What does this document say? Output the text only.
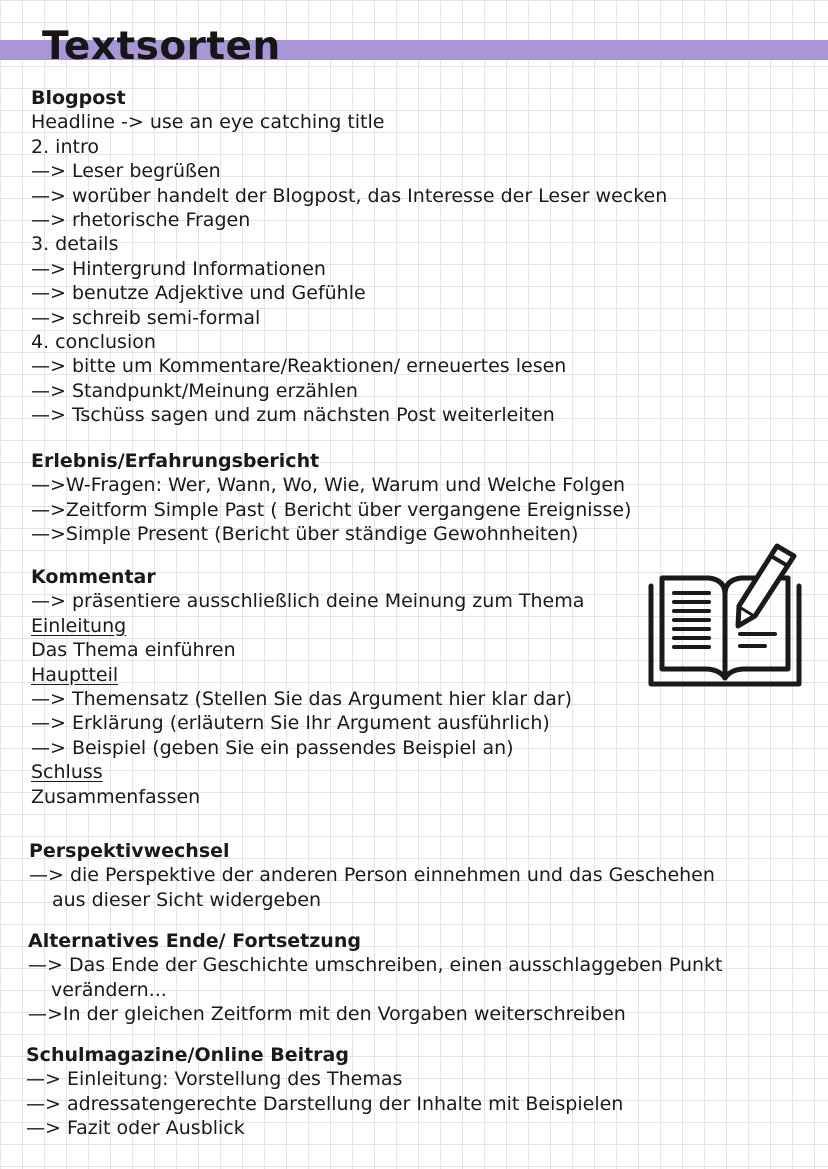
Textsorten
Blogpost
Headline -> use an eye catching title
2. intro
—> Leser begrüßen
—> worüber handelt der Blogpost, das Interesse der Leser wecken
—> rhetorische Fragen
3. details
—> Hintergrund Informationen
—> benutze Adjektive und Gefühle
—> schreib semi-formal
4. conclusion
—> bitte um Kommentare/Reaktionen/ erneuertes lesen
—> Standpunkt/Meinung erzählen
—> Tschüss sagen und zum nächsten Post weiterleiten
Erlebnis/Erfahrungsbericht
—>W-Fragen: Wer, Wann, Wo, Wie, Warum und Welche Folgen
—>Zeitform Simple Past ( Bericht über vergangene Ereignisse)
—>Simple Present (Bericht über ständige Gewohnheiten)
Kommentar
—> präsentiere ausschließlich deine Meinung zum Thema
Einleitung
Das Thema einführen
Hauptteil
—> Themensatz (Stellen Sie das Argument hier klar dar)
—> Erklärung (erläutern Sie Ihr Argument ausführlich)
—> Beispiel (geben Sie ein passendes Beispiel an)
Schluss
Zusammenfassen
Perspektivwechsel
—> die Perspektive der anderen Person einnehmen und das Geschehen
aus dieser Sicht widergeben
Alternatives Ende/ Fortsetzung
—> Das Ende der Geschichte umschreiben, einen ausschlaggeben Punkt
verändern...
—>In der gleichen Zeitform mit den Vorgaben weiterschreiben
Schulmagazine/Online Beitrag
—> Einleitung: Vorstellung des Themas
—> adressatengerechte Darstellung der Inhalte mit Beispielen
—> Fazit oder Ausblick
